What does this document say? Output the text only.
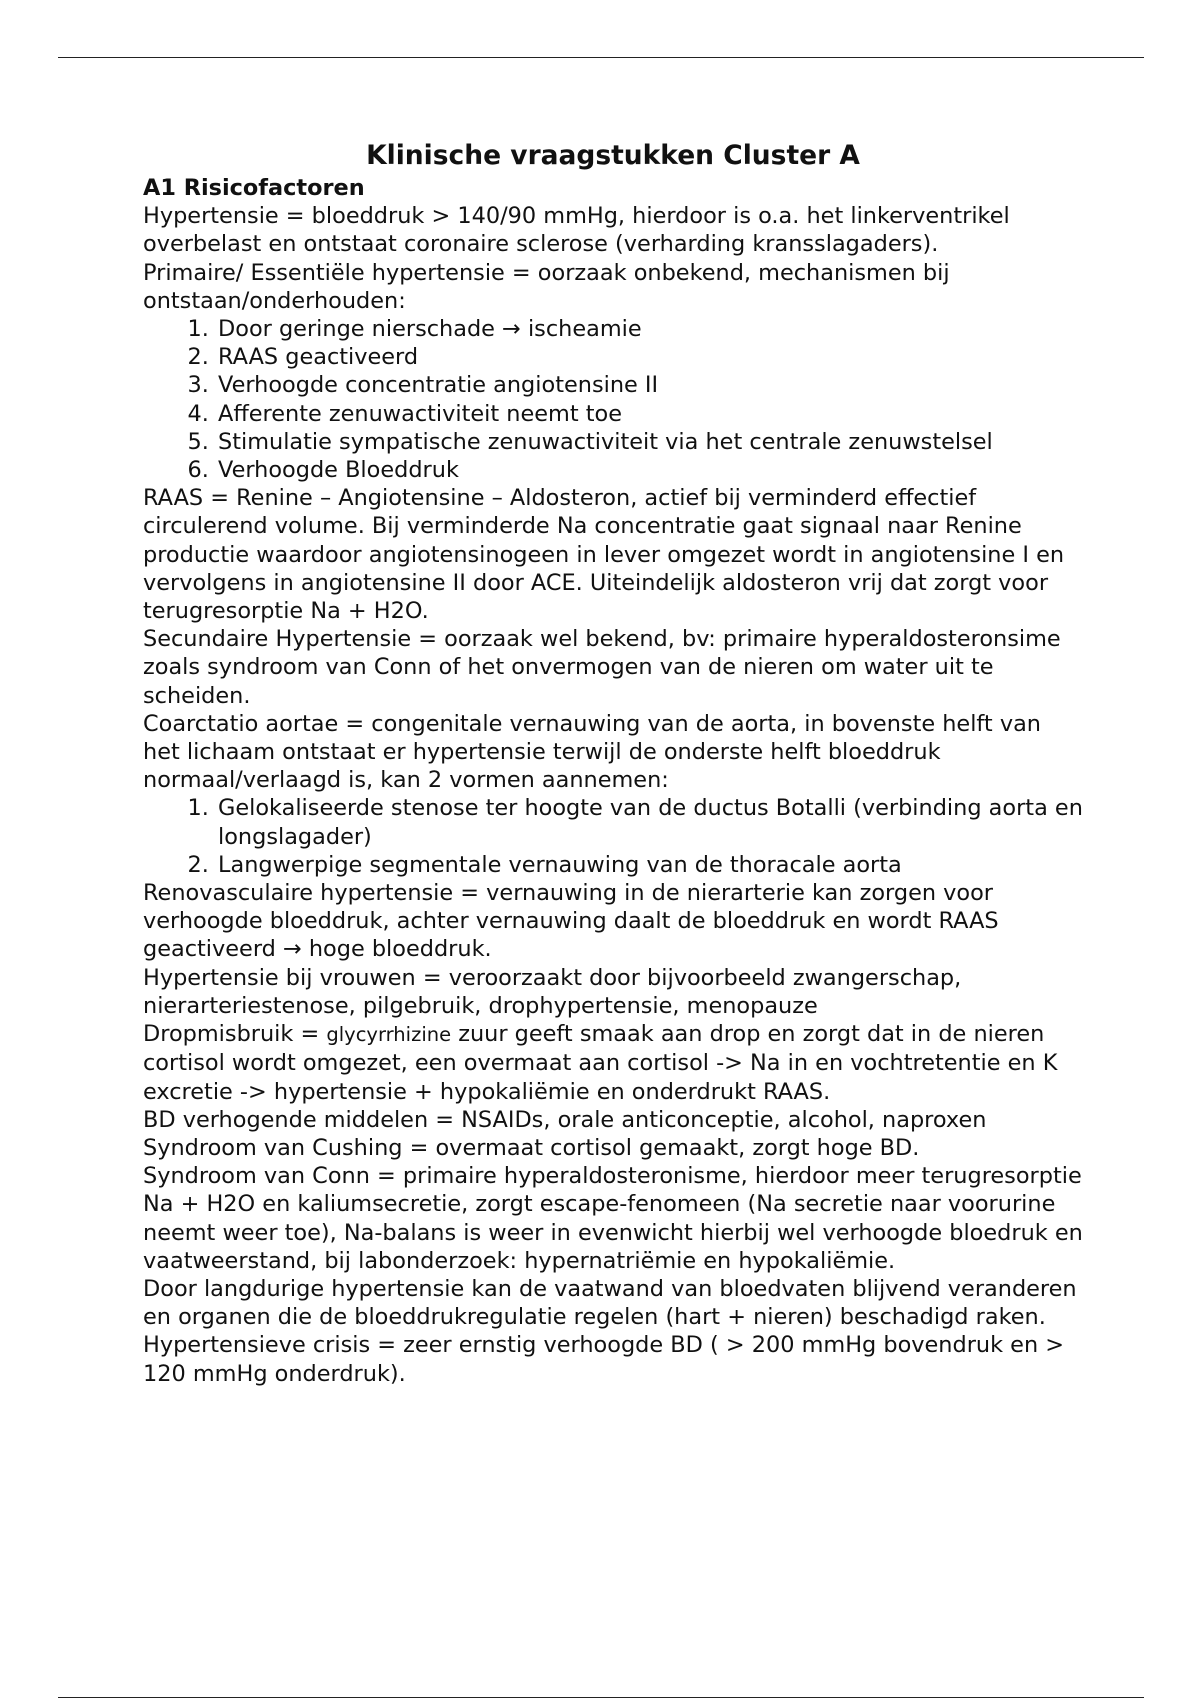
Klinische vraagstukken Cluster A

A1 Risicofactoren

Hypertensie = bloeddruk > 140/90 mmHg, hierdoor is o.a. het linkerventrikel overbelast en ontstaat coronaire sclerose (verharding kransslagaders).

Primaire/ Essentiële hypertensie = oorzaak onbekend, mechanismen bij ontstaan/onderhouden:

1. Door geringe nierschade → ischeamie
2. RAAS geactiveerd
3. Verhoogde concentratie angiotensine II
4. Afferente zenuwactiviteit neemt toe
5. Stimulatie sympatische zenuwactiviteit via het centrale zenuwstelsel
6. Verhoogde Bloeddruk

RAAS = Renine – Angiotensine – Aldosteron, actief bij verminderd effectief circulerend volume. Bij verminderde Na concentratie gaat signaal naar Renine productie waardoor angiotensinogeen in lever omgezet wordt in angiotensine I en vervolgens in angiotensine II door ACE. Uiteindelijk aldosteron vrij dat zorgt voor terugresorptie Na + H2O.

Secundaire Hypertensie = oorzaak wel bekend, bv: primaire hyperaldosteronsime zoals syndroom van Conn of het onvermogen van de nieren om water uit te scheiden.

Coarctatio aortae = congenitale vernauwing van de aorta, in bovenste helft van het lichaam ontstaat er hypertensie terwijl de onderste helft bloeddruk normaal/verlaagd is, kan 2 vormen aannemen:

1. Gelokaliseerde stenose ter hoogte van de ductus Botalli (verbinding aorta en longslagader)
2. Langwerpige segmentale vernauwing van de thoracale aorta

Renovasculaire hypertensie = vernauwing in de nierarterie kan zorgen voor verhoogde bloeddruk, achter vernauwing daalt de bloeddruk en wordt RAAS geactiveerd → hoge bloeddruk.

Hypertensie bij vrouwen = veroorzaakt door bijvoorbeeld zwangerschap, nierarteriestenose, pilgebruik, drophypertensie, menopauze

Dropmisbruik = glycyrrhizine zuur geeft smaak aan drop en zorgt dat in de nieren cortisol wordt omgezet, een overmaat aan cortisol -> Na in en vochtretentie en K excretie -> hypertensie + hypokaliëmie en onderdrukt RAAS.

BD verhogende middelen = NSAIDs, orale anticonceptie, alcohol, naproxen

Syndroom van Cushing = overmaat cortisol gemaakt, zorgt hoge BD.

Syndroom van Conn = primaire hyperaldosteronisme, hierdoor meer terugresorptie Na + H2O en kaliumsecretie, zorgt escape-fenomeen (Na secretie naar voorurine neemt weer toe), Na-balans is weer in evenwicht hierbij wel verhoogde bloedruk en vaatweerstand, bij labonderzoek: hypernatriëmie en hypokaliëmie.

Door langdurige hypertensie kan de vaatwand van bloedvaten blijvend veranderen en organen die de bloeddrukregulatie regelen (hart + nieren) beschadigd raken.

Hypertensieve crisis = zeer ernstig verhoogde BD ( > 200 mmHg bovendruk en > 120 mmHg onderdruk).
